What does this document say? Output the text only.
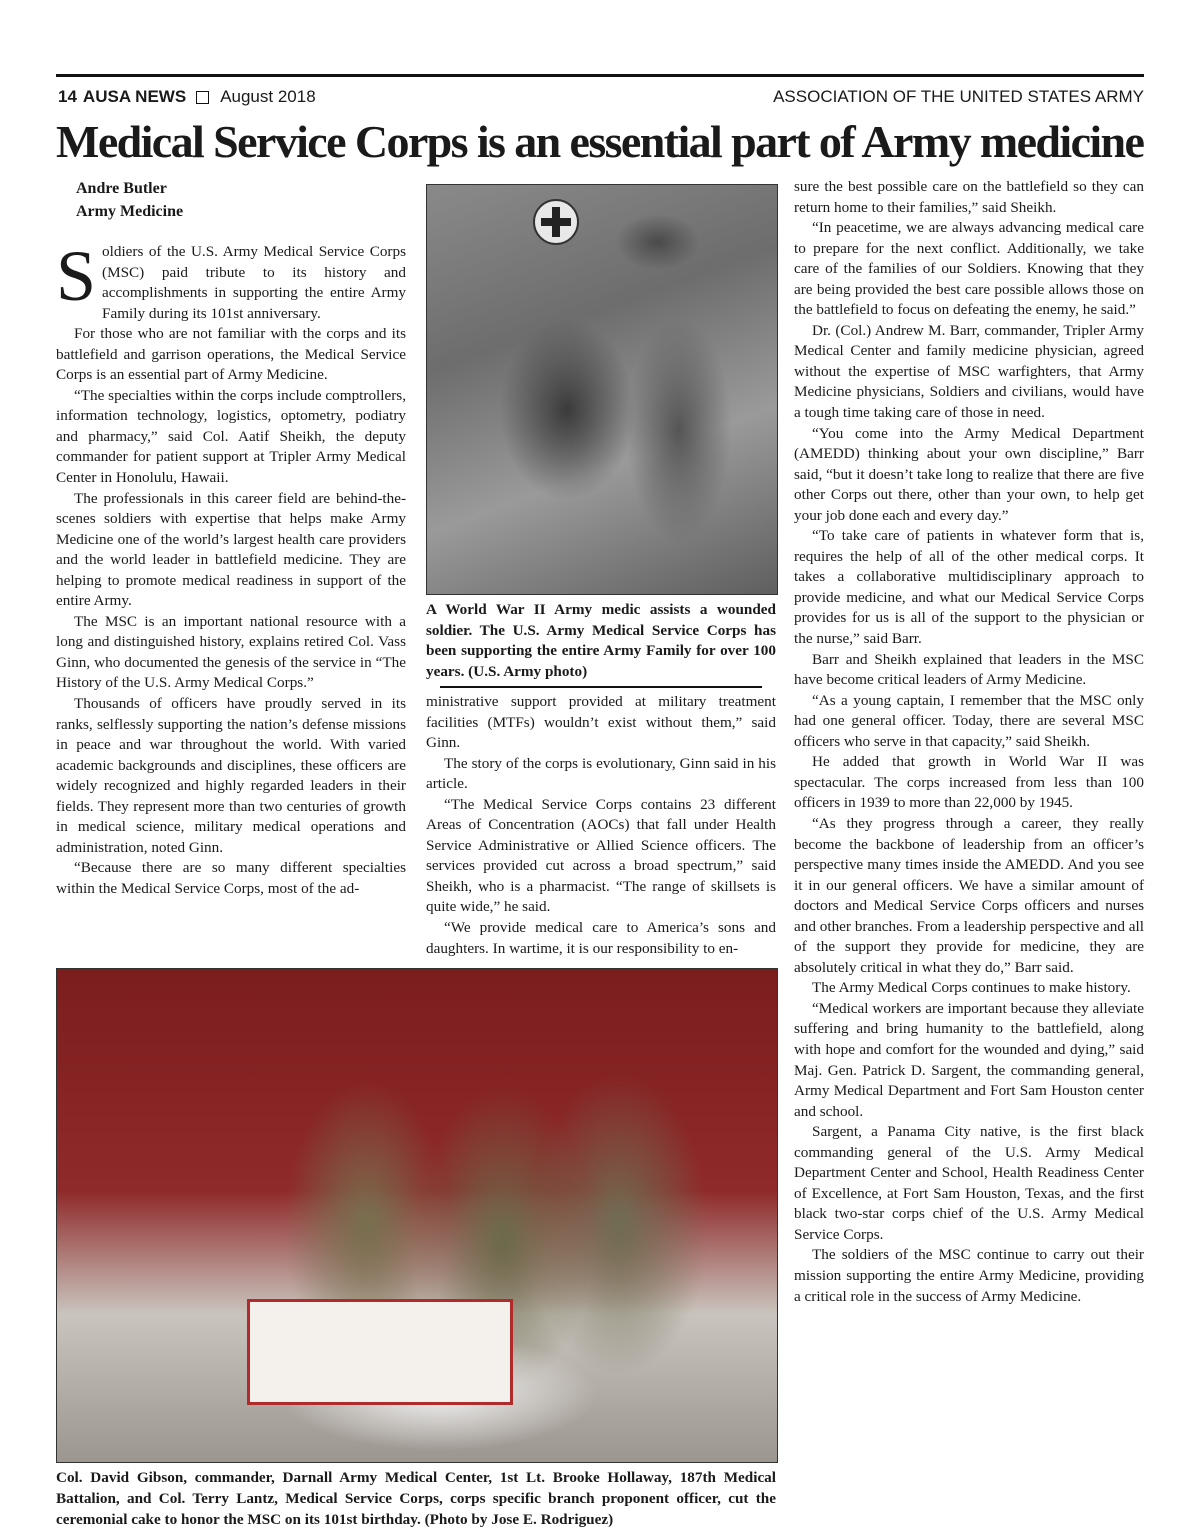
14 AUSA NEWS August 2018	ASSOCIATION OF THE UNITED STATES ARMY
Medical Service Corps is an essential part of Army medicine
Andre Butler
Army Medicine

Soldiers of the U.S. Army Medical Service Corps (MSC) paid tribute to its history and accomplishments in supporting the entire Army Family during its 101st anniversary.

For those who are not familiar with the corps and its battlefield and garrison operations, the Medical Service Corps is an essential part of Army Medicine.

“The specialties within the corps include comptrollers, information technology, logistics, optometry, podiatry and pharmacy,” said Col. Aatif Sheikh, the deputy commander for patient support at Tripler Army Medical Center in Honolulu, Hawaii.

The professionals in this career field are behind-the-scenes soldiers with expertise that helps make Army Medicine one of the world’s largest health care providers and the world leader in battlefield medicine. They are helping to promote medical readiness in support of the entire Army.

The MSC is an important national resource with a long and distinguished history, explains retired Col. Vass Ginn, who documented the genesis of the service in “The History of the U.S. Army Medical Corps.”

Thousands of officers have proudly served in its ranks, selflessly supporting the nation’s defense missions in peace and war throughout the world. With varied academic backgrounds and disciplines, these officers are widely recognized and highly regarded leaders in their fields. They represent more than two centuries of growth in medical science, military medical operations and administration, noted Ginn.

“Because there are so many different specialties within the Medical Service Corps, most of the ad-

A World War II Army medic assists a wounded soldier. The U.S. Army Medical Service Corps has been supporting the entire Army Family for over 100 years. (U.S. Army photo)

ministrative support provided at military treatment facilities (MTFs) wouldn’t exist without them,” said Ginn.

The story of the corps is evolutionary, Ginn said in his article.

“The Medical Service Corps contains 23 different Areas of Concentration (AOCs) that fall under Health Service Administrative or Allied Science officers. The services provided cut across a broad spectrum,” said Sheikh, who is a pharmacist. “The range of skillsets is quite wide,” he said.

“We provide medical care to America’s sons and daughters. In wartime, it is our responsibility to en-

Col. David Gibson, commander, Darnall Army Medical Center, 1st Lt. Brooke Hollaway, 187th Medical Battalion, and Col. Terry Lantz, Medical Service Corps, corps specific branch proponent officer, cut the ceremonial cake to honor the MSC on its 101st birthday. (Photo by Jose E. Rodriguez)

sure the best possible care on the battlefield so they can return home to their families,” said Sheikh.

“In peacetime, we are always advancing medical care to prepare for the next conflict. Additionally, we take care of the families of our Soldiers. Knowing that they are being provided the best care possible allows those on the battlefield to focus on defeating the enemy, he said.”

Dr. (Col.) Andrew M. Barr, commander, Tripler Army Medical Center and family medicine physician, agreed without the expertise of MSC warfighters, that Army Medicine physicians, Soldiers and civilians, would have a tough time taking care of those in need.

“You come into the Army Medical Department (AMEDD) thinking about your own discipline,” Barr said, “but it doesn’t take long to realize that there are five other Corps out there, other than your own, to help get your job done each and every day.”

“To take care of patients in whatever form that is, requires the help of all of the other medical corps. It takes a collaborative multidisciplinary approach to provide medicine, and what our Medical Service Corps provides for us is all of the support to the physician or the nurse,” said Barr.

Barr and Sheikh explained that leaders in the MSC have become critical leaders of Army Medicine.

“As a young captain, I remember that the MSC only had one general officer. Today, there are several MSC officers who serve in that capacity,” said Sheikh.

He added that growth in World War II was spectacular. The corps increased from less than 100 officers in 1939 to more than 22,000 by 1945.

“As they progress through a career, they really become the backbone of leadership from an officer’s perspective many times inside the AMEDD. And you see it in our general officers. We have a similar amount of doctors and Medical Service Corps officers and nurses and other branches. From a leadership perspective and all of the support they provide for medicine, they are absolutely critical in what they do,” Barr said.

The Army Medical Corps continues to make history.

“Medical workers are important because they alleviate suffering and bring humanity to the battlefield, along with hope and comfort for the wounded and dying,” said Maj. Gen. Patrick D. Sargent, the commanding general, Army Medical Department and Fort Sam Houston center and school.

Sargent, a Panama City native, is the first black commanding general of the U.S. Army Medical Department Center and School, Health Readiness Center of Excellence, at Fort Sam Houston, Texas, and the first black two-star corps chief of the U.S. Army Medical Service Corps.

The soldiers of the MSC continue to carry out their mission supporting the entire Army Medicine, providing a critical role in the success of Army Medicine.
